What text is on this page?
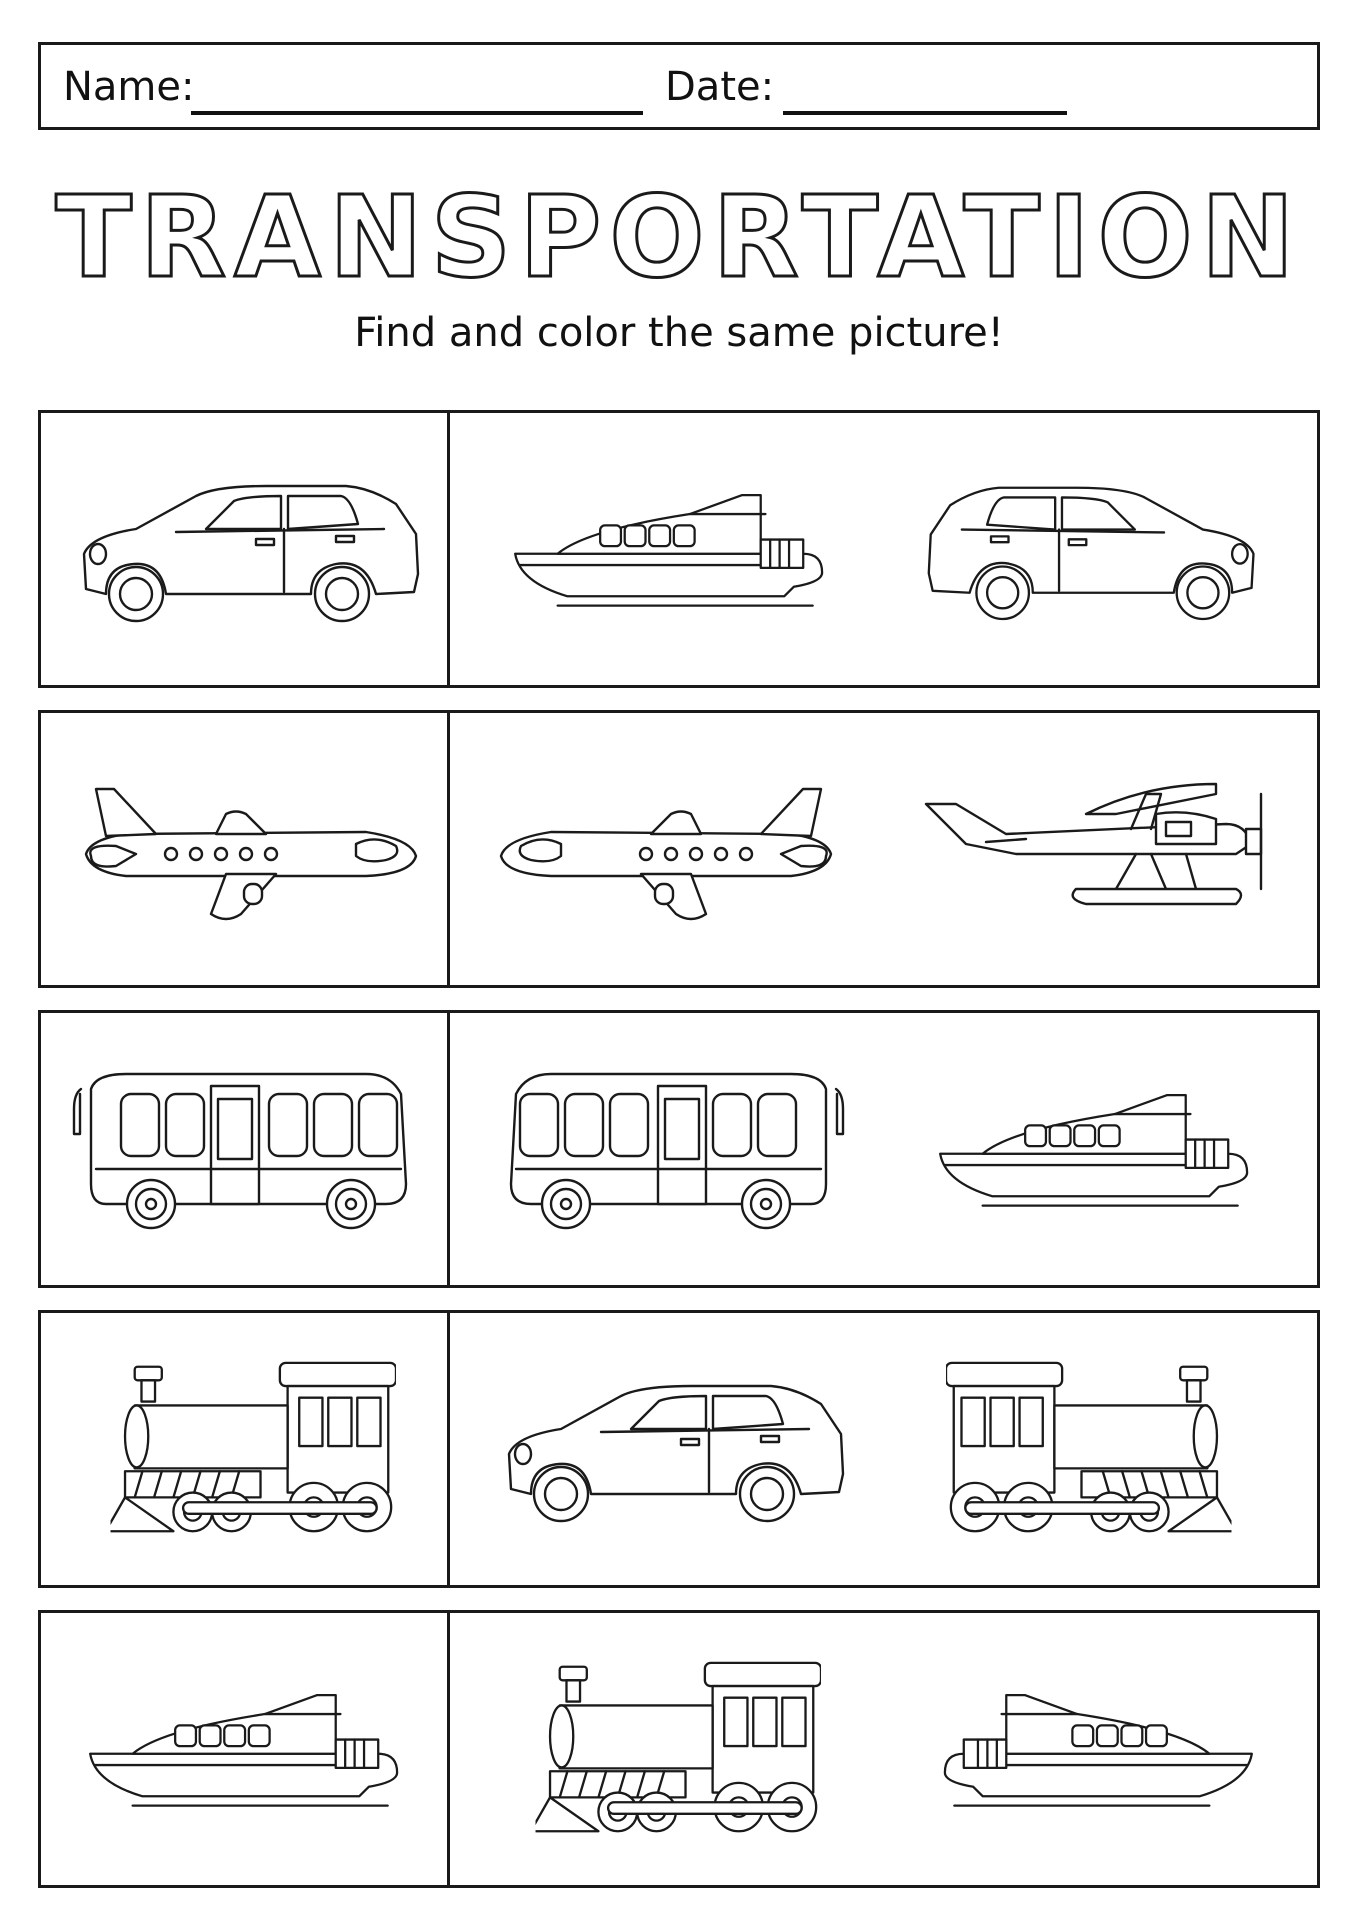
Name:	Date:
TRANSPORTATION
Find and color the same picture!
